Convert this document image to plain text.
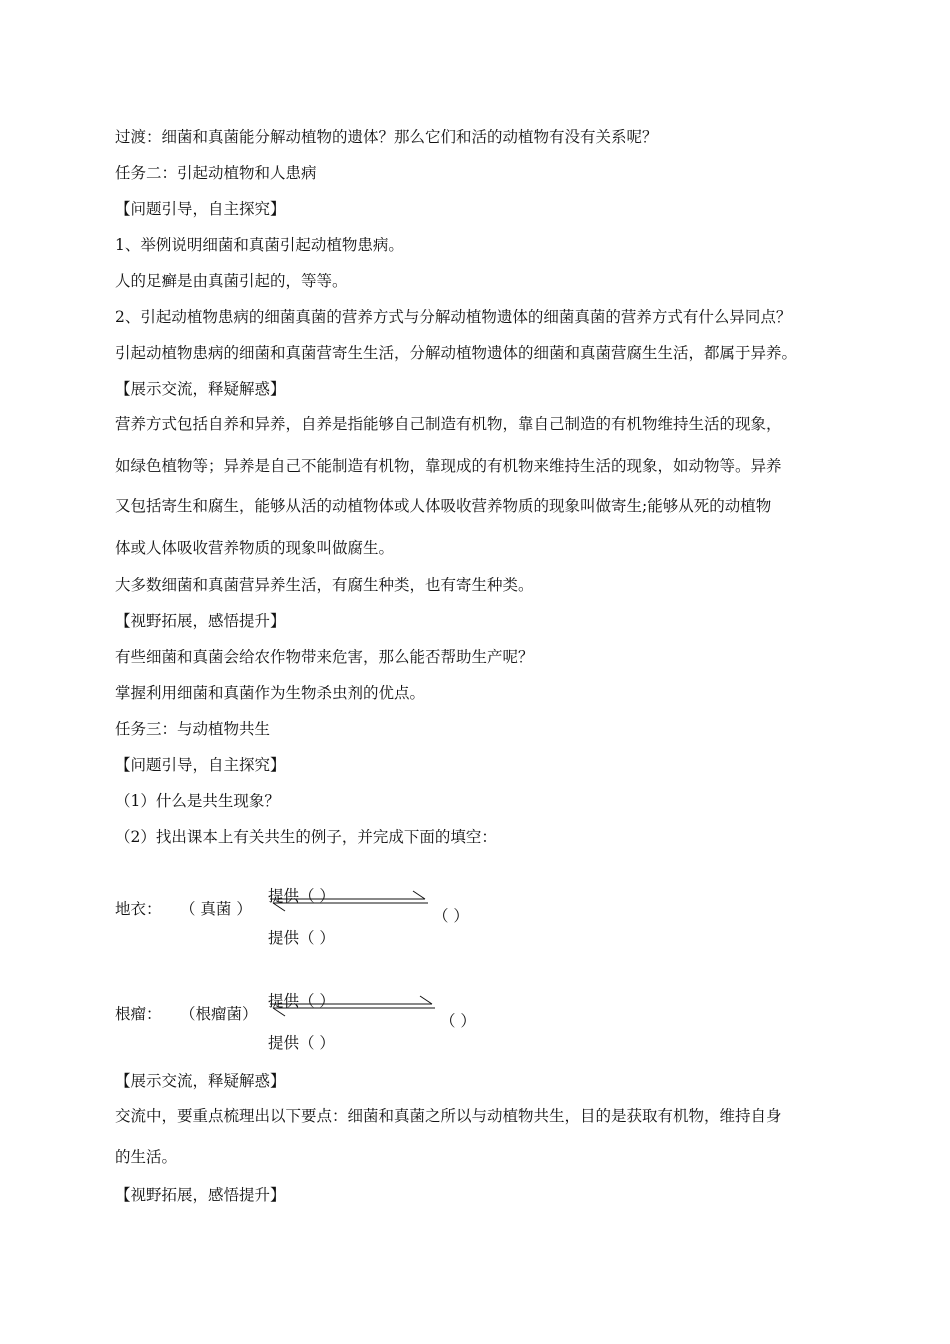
过渡：细菌和真菌能分解动植物的遗体？那么它们和活的动植物有没有关系呢？
任务二：引起动植物和人患病
【问题引导，自主探究】
1、举例说明细菌和真菌引起动植物患病。
人的足癣是由真菌引起的，等等。
2、引起动植物患病的细菌真菌的营养方式与分解动植物遗体的细菌真菌的营养方式有什么异同点？
引起动植物患病的细菌和真菌营寄生生活，分解动植物遗体的细菌和真菌营腐生生活，都属于异养。
【展示交流，释疑解惑】
营养方式包括自养和异养，自养是指能够自己制造有机物，靠自己制造的有机物维持生活的现象，
如绿色植物等；异养是自己不能制造有机物，靠现成的有机物来维持生活的现象，如动物等。异养
又包括寄生和腐生，能够从活的动植物体或人体吸收营养物质的现象叫做寄生;能够从死的动植物
体或人体吸收营养物质的现象叫做腐生。
大多数细菌和真菌营异养生活，有腐生种类，也有寄生种类。
【视野拓展，感悟提升】
有些细菌和真菌会给农作物带来危害，那么能否帮助生产呢？
掌握利用细菌和真菌作为生物杀虫剂的优点。
任务三：与动植物共生
【问题引导，自主探究】
（1）什么是共生现象？
（2）找出课本上有关共生的例子，并完成下面的填空：
地衣： （ 真菌 ）
提供（ ）
提供（ ）
（ ）
根瘤： （根瘤菌）
提供（ ）
提供（ ）
（ ）
【展示交流，释疑解惑】
交流中，要重点梳理出以下要点：细菌和真菌之所以与动植物共生，目的是获取有机物，维持自身
的生活。
【视野拓展，感悟提升】
